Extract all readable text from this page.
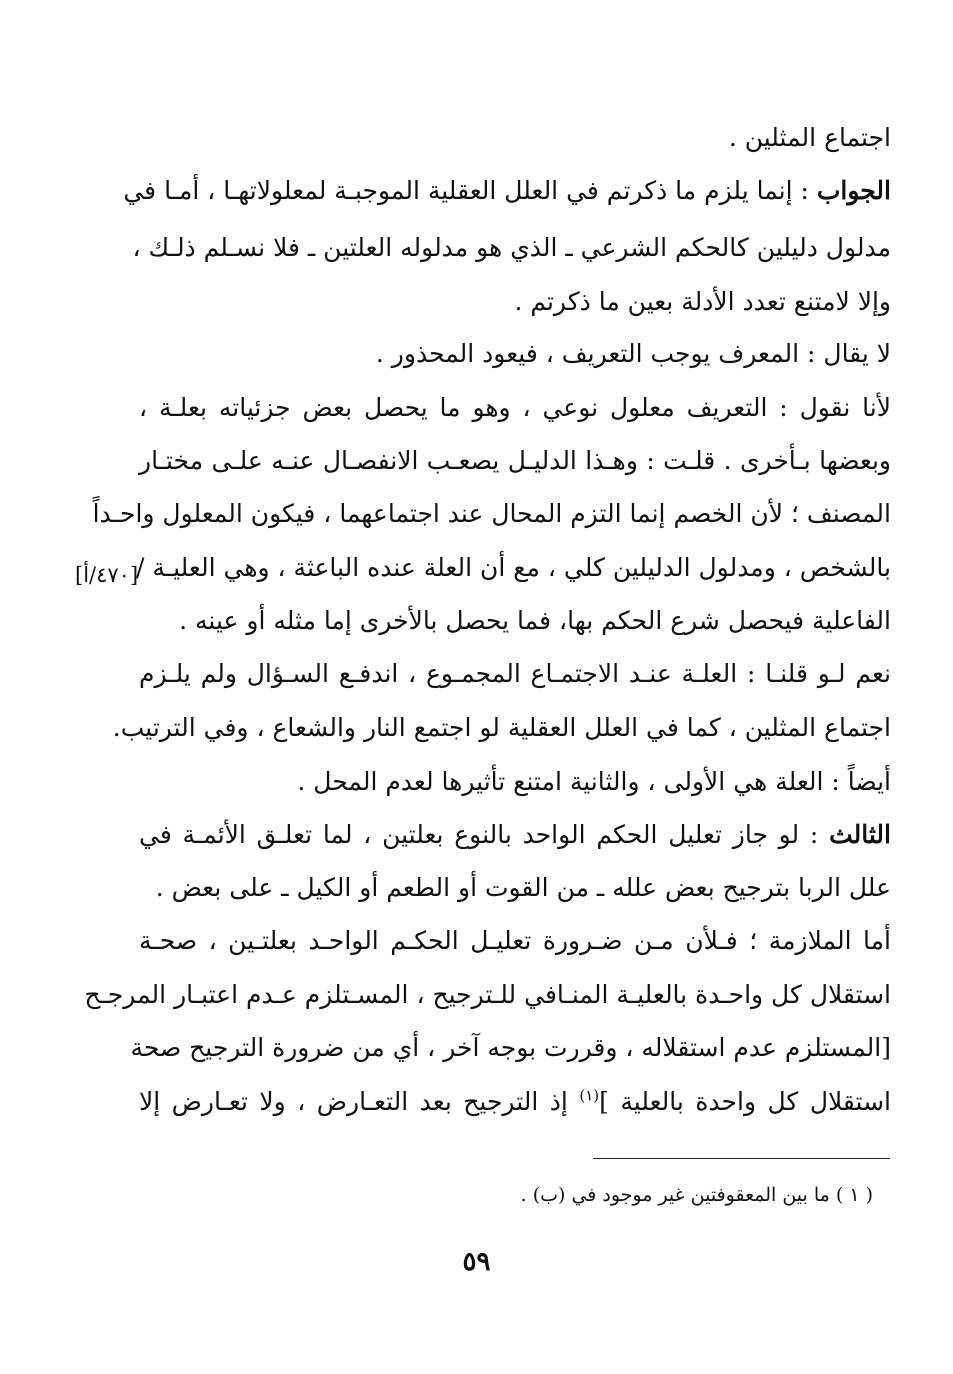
اجتماع المثلين .
الجواب : إنما يلزم ما ذكرتم في العلل العقلية الموجبـة لمعلولاتهـا ، أمـا في
مدلول دليلين كالحكم الشرعي ـ الذي هو مدلوله العلتين ـ فلا نسـلم ذلـك ،
وإلا لامتنع تعدد الأدلة بعين ما ذكرتم .
لا يقال : المعرف يوجب التعريف ، فيعود المحذور .
لأنا نقول : التعريف معلول نوعي ، وهو ما يحصل بعض جزئياته بعلـة ،
وبعضها بـأخرى . قلـت : وهـذا الدليـل يصعـب الانفصـال عنـه علـى مختـار
المصنف ؛ لأن الخصم إنما التزم المحال عند اجتماعهما ، فيكون المعلول واحـداً
بالشخص ، ومدلول الدليلين كلي ، مع أن العلة عنده الباعثة ، وهي العليـة /
الفاعلية فيحصل شرع الحكم بها، فما يحصل بالأخرى إما مثله أو عينه .
نعم لـو قلنـا : العلـة عنـد الاجتمـاع المجمـوع ، اندفـع السـؤال ولم يلـزم
اجتماع المثلين ، كما في العلل العقلية لو اجتمع النار والشعاع ، وفي الترتيب.
أيضاً : العلة هي الأولى ، والثانية امتنع تأثيرها لعدم المحل .
الثالث : لو جاز تعليل الحكم الواحد بالنوع بعلتين ، لما تعلـق الأئمـة في
علل الربا بترجيح بعض علله ـ من القوت أو الطعم أو الكيل ـ على بعض .
أما الملازمة ؛ فـلأن مـن ضـرورة تعليـل الحكـم الواحـد بعلتـين ، صحـة
استقلال كل واحـدة بالعليـة المنـافي للـترجيح ، المسـتلزم عـدم اعتبـار المرجـح
[المستلزم عدم استقلاله ، وقررت بوجه آخر ، أي من ضرورة الترجيح صحة
استقلال كل واحدة بالعلية ]$^{(١)}$ إذ الترجيح بعد التعـارض ، ولا تعـارض إلا
[٤٧٠/أ]
( ١ ) ما بين المعقوفتين غير موجود في (ب) .
٥٩
